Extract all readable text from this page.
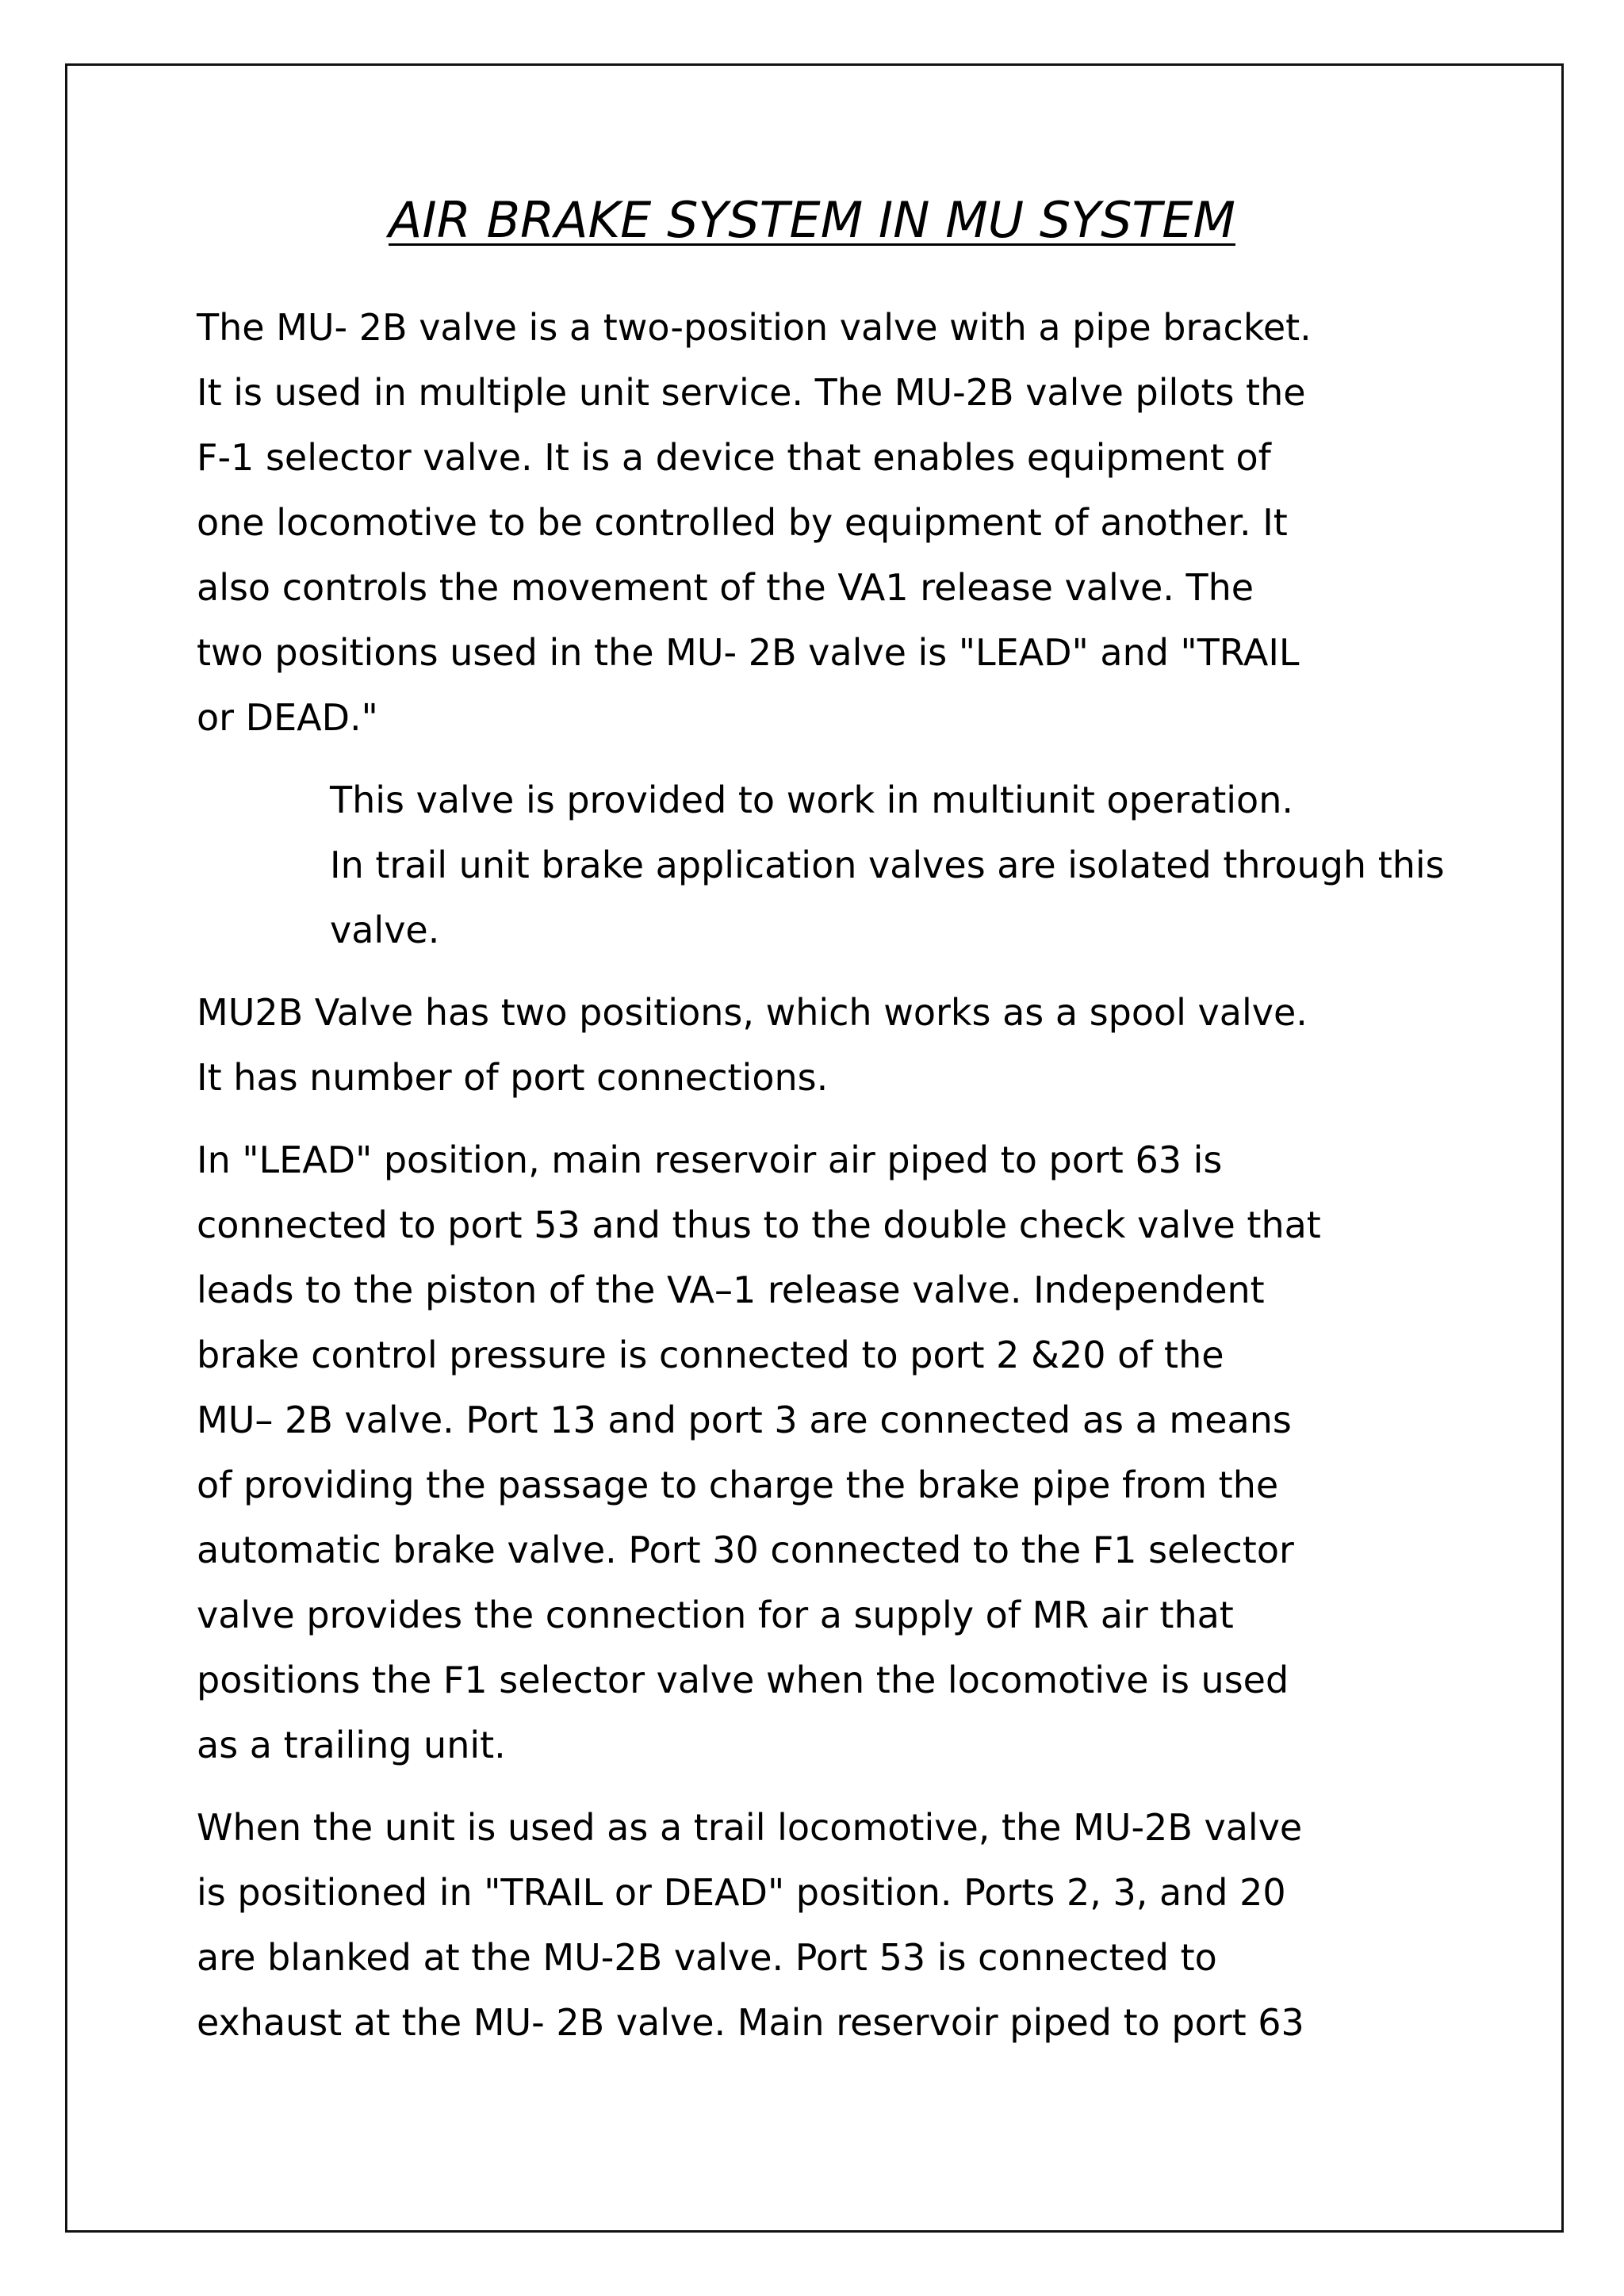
AIR BRAKE SYSTEM IN MU SYSTEM

The MU- 2B valve is a two-position valve with a pipe bracket.
It is used in multiple unit service. The MU-2B valve pilots the
F-1 selector valve. It is a device that enables equipment of
one locomotive to be controlled by equipment of another. It
also controls the movement of the VA1 release valve. The
two positions used in the MU- 2B valve is "LEAD" and "TRAIL
or DEAD."

This valve is provided to work in multiunit operation.
In trail unit brake application valves are isolated through this
valve.

MU2B Valve has two positions, which works as a spool valve.
It has number of port connections.

In "LEAD" position, main reservoir air piped to port 63 is
connected to port 53 and thus to the double check valve that
leads to the piston of the VA–1 release valve. Independent
brake control pressure is connected to port 2 &20 of the
MU– 2B valve. Port 13 and port 3 are connected as a means
of providing the passage to charge the brake pipe from the
automatic brake valve. Port 30 connected to the F1 selector
valve provides the connection for a supply of MR air that
positions the F1 selector valve when the locomotive is used
as a trailing unit.

When the unit is used as a trail locomotive, the MU-2B valve
is positioned in "TRAIL or DEAD" position. Ports 2, 3, and 20
are blanked at the MU-2B valve. Port 53 is connected to
exhaust at the MU- 2B valve. Main reservoir piped to port 63
